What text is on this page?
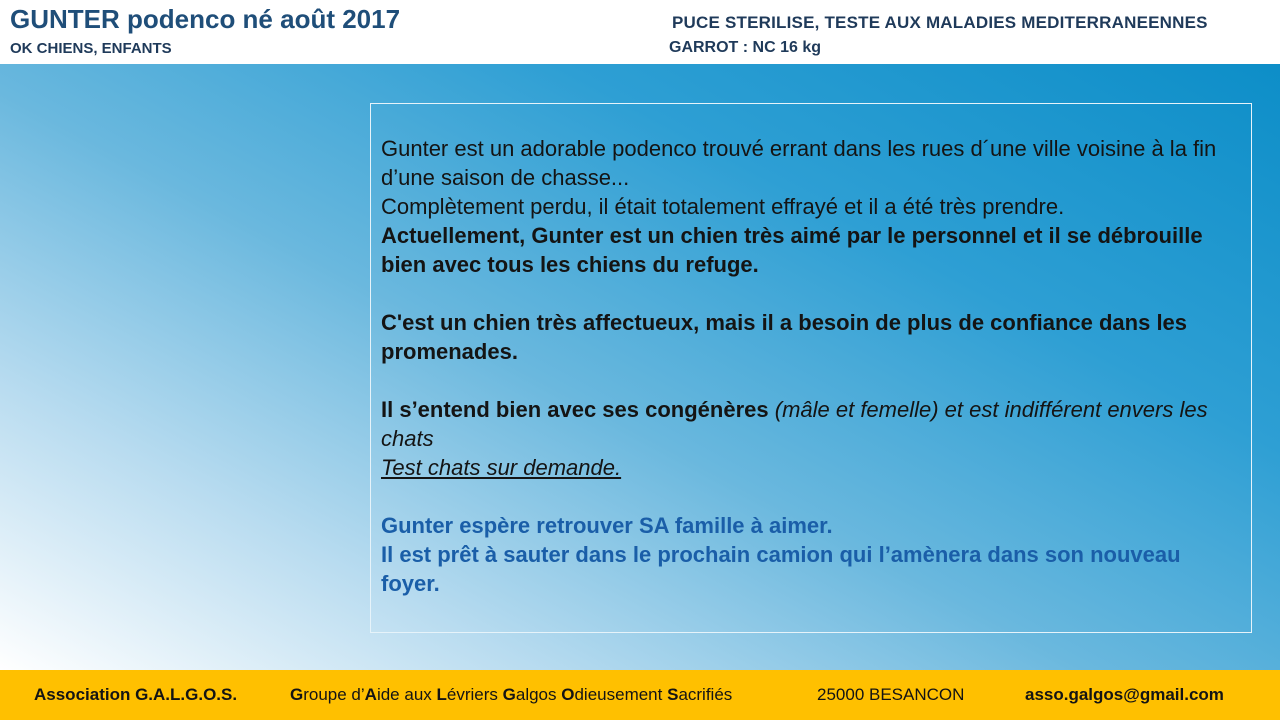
GUNTER podenco né août 2017
OK CHIENS, ENFANTS
PUCE STERILISE, TESTE AUX MALADIES MEDITERRANEENNES
GARROT : NC 16 kg

Gunter est un adorable podenco trouvé errant dans les rues d´une ville voisine à la fin d’une saison de chasse...

Complètement perdu, il était totalement effrayé et il a été très prendre.

Actuellement, Gunter est un chien très aimé par le personnel et il se débrouille bien avec tous les chiens du refuge.

C'est un chien très affectueux, mais il a besoin de plus de confiance dans les promenades.

Il s’entend bien avec ses congénères (mâle et femelle) et est indifférent envers les chats

Test chats sur demande.

Gunter espère retrouver SA famille à aimer.

Il est prêt à sauter dans le prochain camion qui l’amènera dans son nouveau foyer.

Association G.A.L.G.O.S.	Groupe d’Aide aux Lévriers Galgos Odieusement Sacrifiés	25000 BESANCON	asso.galgos@gmail.com
